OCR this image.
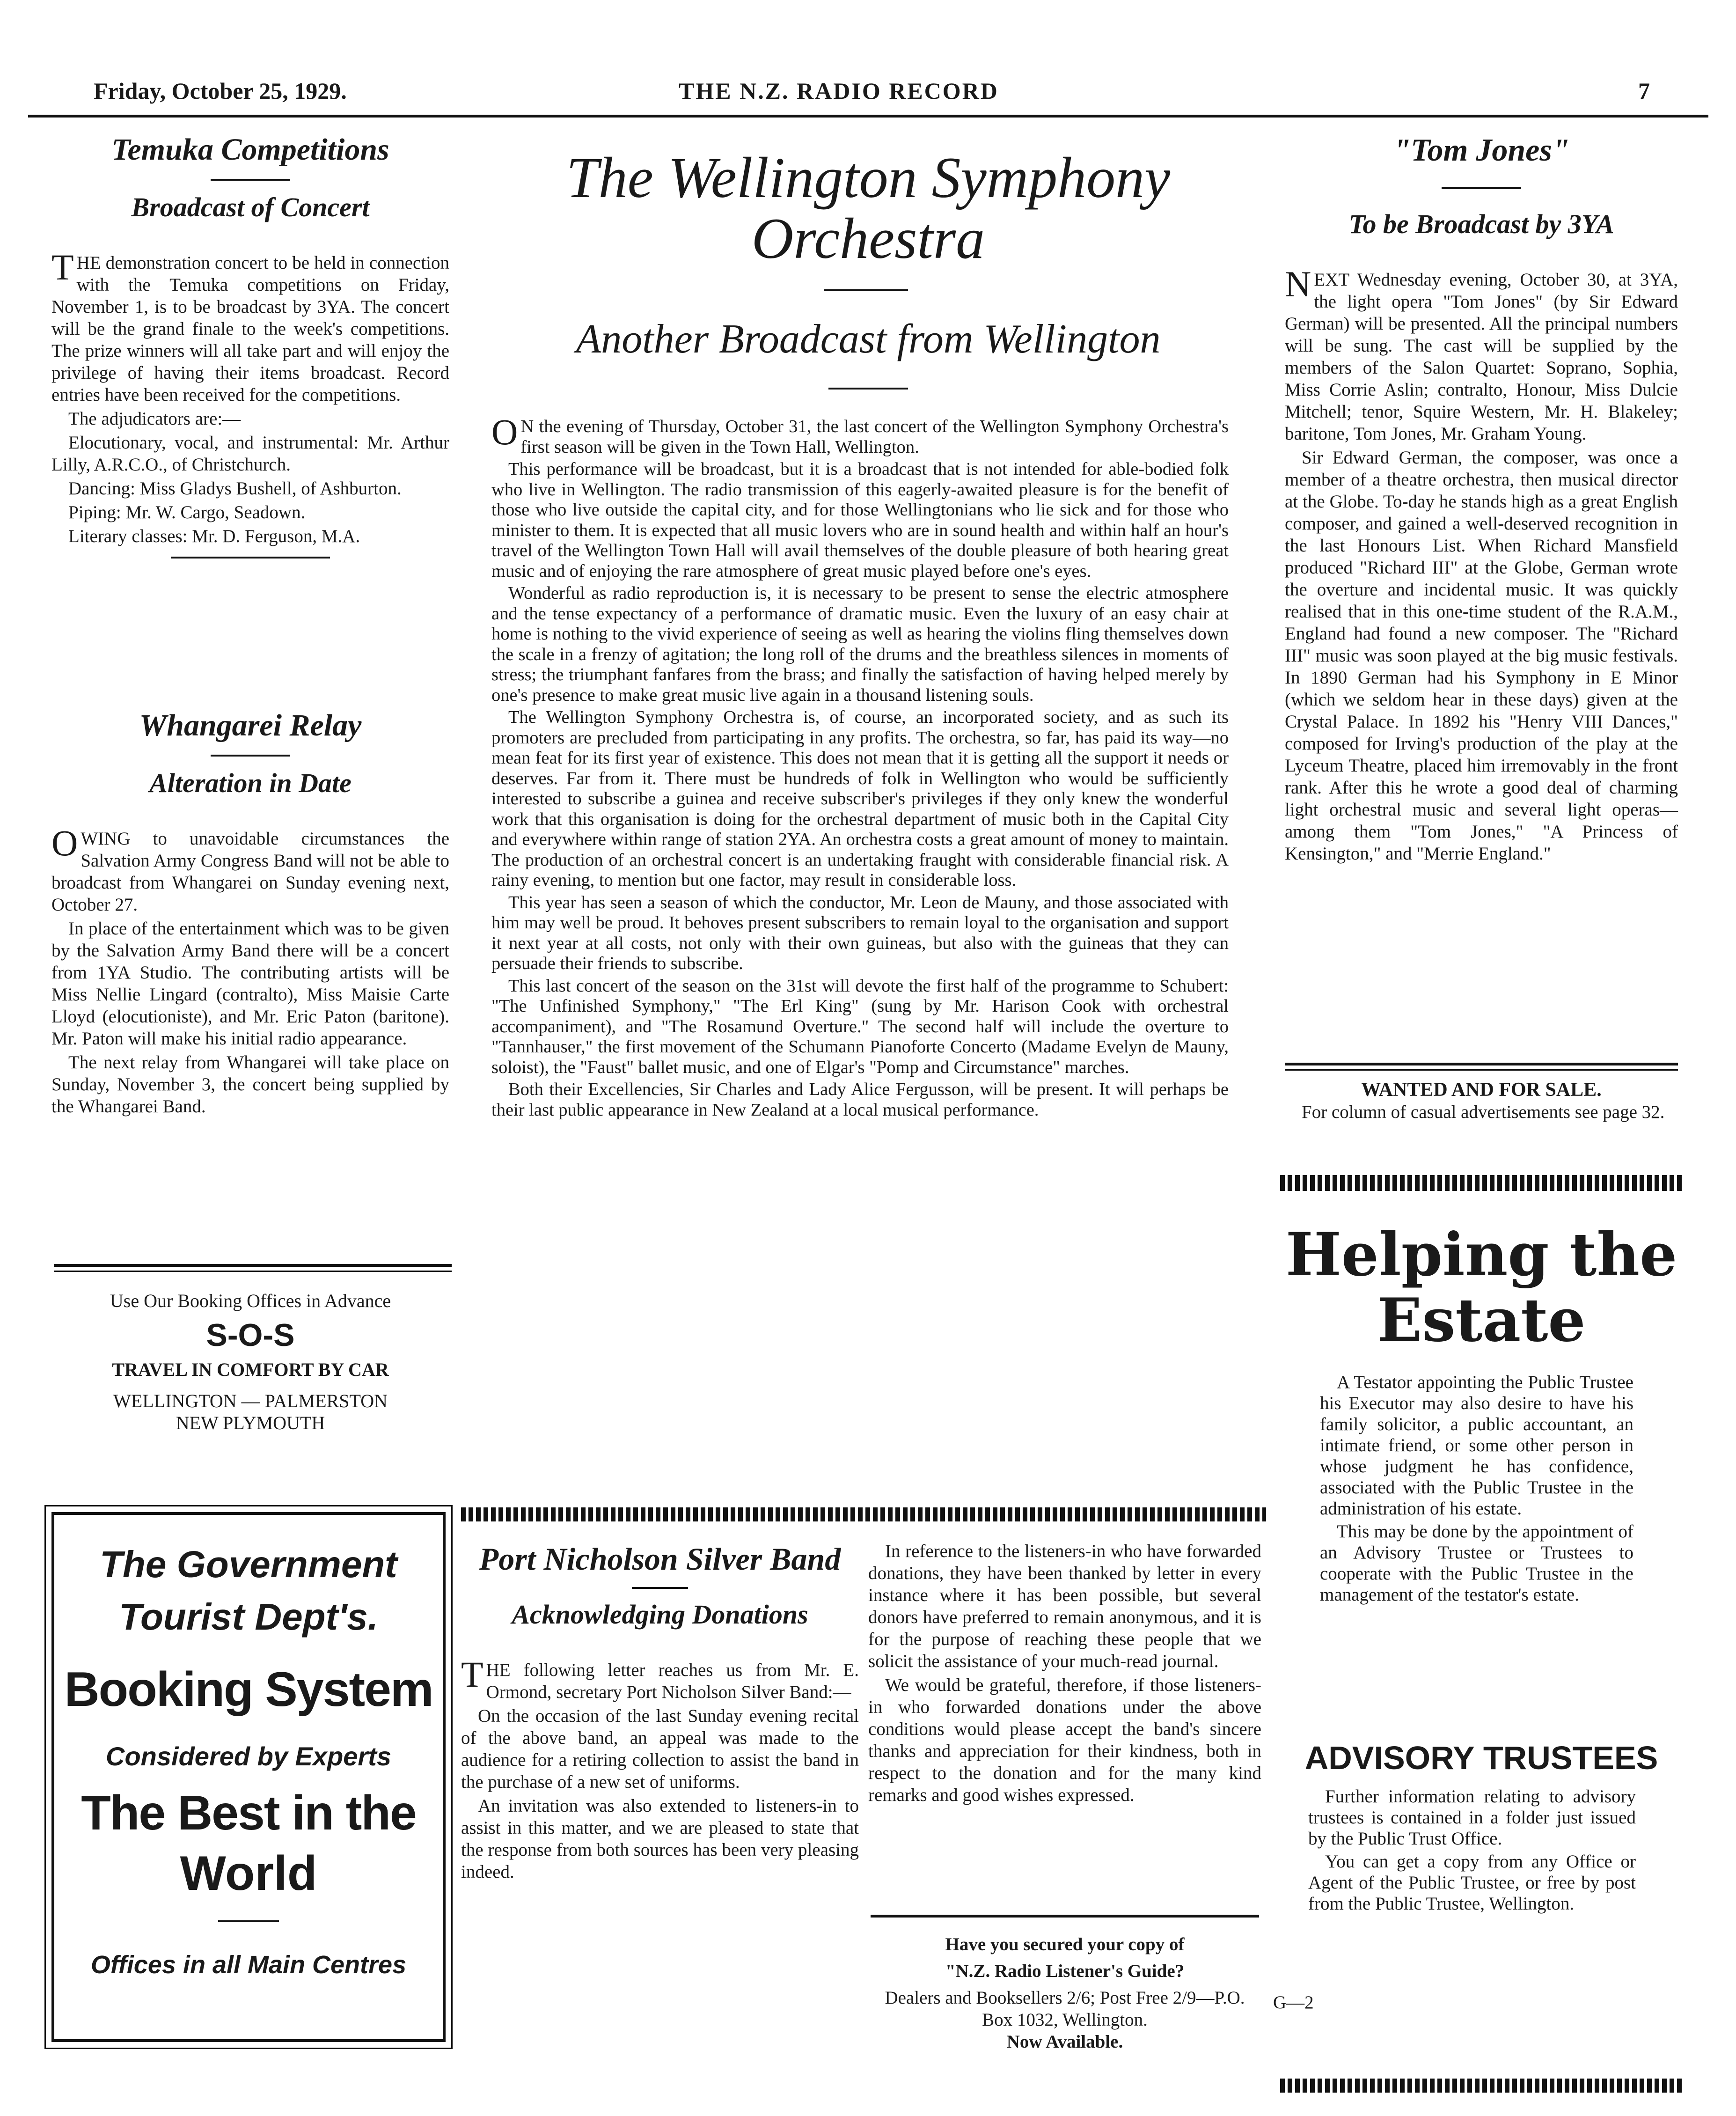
Friday, October 25, 1929.	THE N.Z. RADIO RECORD	7
Temuka Competitions
Broadcast of Concert

THE demonstration concert to be held in connection with the Temuka competitions on Friday, November 1, is to be broadcast by 3YA. The concert will be the grand finale to the week's competitions. The prize winners will all take part and will enjoy the privilege of having their items broadcast. Record entries have been received for the competitions.

The adjudicators are:—

Elocutionary, vocal, and instrumental: Mr. Arthur Lilly, A.R.C.O., of Christchurch.

Dancing: Miss Gladys Bushell, of Ashburton.

Piping: Mr. W. Cargo, Seadown.

Literary classes: Mr. D. Ferguson, M.A.

Whangarei Relay
Alteration in Date

OWING to unavoidable circumstances the Salvation Army Congress Band will not be able to broadcast from Whangarei on Sunday evening next, October 27.

In place of the entertainment which was to be given by the Salvation Army Band there will be a concert from 1YA Studio. The contributing artists will be Miss Nellie Lingard (contralto), Miss Maisie Carte Lloyd (elocutioniste), and Mr. Eric Paton (baritone). Mr. Paton will make his initial radio appearance.

The next relay from Whangarei will take place on Sunday, November 3, the concert being supplied by the Whangarei Band.

Use Our Booking Offices in Advance
S-O-S
TRAVEL IN COMFORT BY CAR
WELLINGTON — PALMERSTON
NEW PLYMOUTH
The Government
Tourist Dept's.
Booking System
Considered by Experts
The Best in the
World
Offices in all Main Centres
The Wellington Symphony
Orchestra
Another Broadcast from Wellington

ON the evening of Thursday, October 31, the last concert of the Wellington Symphony Orchestra's first season will be given in the Town Hall, Wellington.

This performance will be broadcast, but it is a broadcast that is not intended for able-bodied folk who live in Wellington. The radio transmission of this eagerly-awaited pleasure is for the benefit of those who live outside the capital city, and for those Wellingtonians who lie sick and for those who minister to them. It is expected that all music lovers who are in sound health and within half an hour's travel of the Wellington Town Hall will avail themselves of the double pleasure of both hearing great music and of enjoying the rare atmosphere of great music played before one's eyes.

Wonderful as radio reproduction is, it is necessary to be present to sense the electric atmosphere and the tense expectancy of a performance of dramatic music. Even the luxury of an easy chair at home is nothing to the vivid experience of seeing as well as hearing the violins fling themselves down the scale in a frenzy of agitation; the long roll of the drums and the breathless silences in moments of stress; the triumphant fanfares from the brass; and finally the satisfaction of having helped merely by one's presence to make great music live again in a thousand listening souls.

The Wellington Symphony Orchestra is, of course, an incorporated society, and as such its promoters are precluded from participating in any profits. The orchestra, so far, has paid its way—no mean feat for its first year of existence. This does not mean that it is getting all the support it needs or deserves. Far from it. There must be hundreds of folk in Wellington who would be sufficiently interested to subscribe a guinea and receive subscriber's privileges if they only knew the wonderful work that this organisation is doing for the orchestral department of music both in the Capital City and everywhere within range of station 2YA. An orchestra costs a great amount of money to maintain. The production of an orchestral concert is an undertaking fraught with considerable financial risk. A rainy evening, to mention but one factor, may result in considerable loss.

This year has seen a season of which the conductor, Mr. Leon de Mauny, and those associated with him may well be proud. It behoves present subscribers to remain loyal to the organisation and support it next year at all costs, not only with their own guineas, but also with the guineas that they can persuade their friends to subscribe.

This last concert of the season on the 31st will devote the first half of the programme to Schubert: "The Unfinished Symphony," "The Erl King" (sung by Mr. Harison Cook with orchestral accompaniment), and "The Rosamund Overture." The second half will include the overture to "Tannhauser," the first movement of the Schumann Pianoforte Concerto (Madame Evelyn de Mauny, soloist), the "Faust" ballet music, and one of Elgar's "Pomp and Circumstance" marches.

Both their Excellencies, Sir Charles and Lady Alice Fergusson, will be present. It will perhaps be their last public appearance in New Zealand at a local musical performance.

Port Nicholson Silver Band
Acknowledging Donations

THE following letter reaches us from Mr. E. Ormond, secretary Port Nicholson Silver Band:—

On the occasion of the last Sunday evening recital of the above band, an appeal was made to the audience for a retiring collection to assist the band in the purchase of a new set of uniforms.

An invitation was also extended to listeners-in to assist in this matter, and we are pleased to state that the response from both sources has been very pleasing indeed.

In reference to the listeners-in who have forwarded donations, they have been thanked by letter in every instance where it has been possible, but several donors have preferred to remain anonymous, and it is for the purpose of reaching these people that we solicit the assistance of your much-read journal.

We would be grateful, therefore, if those listeners-in who forwarded donations under the above conditions would please accept the band's sincere thanks and appreciation for their kindness, both in respect to the donation and for the many kind remarks and good wishes expressed.

Have you secured your copy of
"N.Z. Radio Listener's Guide?
Dealers and Booksellers 2/6; Post Free 2/9—P.O. Box 1032, Wellington.
Now Available.
"Tom Jones"
To be Broadcast by 3YA

NEXT Wednesday evening, October 30, at 3YA, the light opera "Tom Jones" (by Sir Edward German) will be presented. All the principal numbers will be sung. The cast will be supplied by the members of the Salon Quartet: Soprano, Sophia, Miss Corrie Aslin; contralto, Honour, Miss Dulcie Mitchell; tenor, Squire Western, Mr. H. Blakeley; baritone, Tom Jones, Mr. Graham Young.

Sir Edward German, the composer, was once a member of a theatre orchestra, then musical director at the Globe. To-day he stands high as a great English composer, and gained a well-deserved recognition in the last Honours List. When Richard Mansfield produced "Richard III" at the Globe, German wrote the overture and incidental music. It was quickly realised that in this one-time student of the R.A.M., England had found a new composer. The "Richard III" music was soon played at the big music festivals. In 1890 German had his Symphony in E Minor (which we seldom hear in these days) given at the Crystal Palace. In 1892 his "Henry VIII Dances," composed for Irving's production of the play at the Lyceum Theatre, placed him irremovably in the front rank. After this he wrote a good deal of charming light orchestral music and several light operas—among them "Tom Jones," "A Princess of Kensington," and "Merrie England."

WANTED AND FOR SALE.

For column of casual advertisements see page 32.

Helping the
Estate

A Testator appointing the Public Trustee his Executor may also desire to have his family solicitor, a public accountant, an intimate friend, or some other person in whose judgment he has confidence, associated with the Public Trustee in the administration of his estate.

This may be done by the appointment of an Advisory Trustee or Trustees to cooperate with the Public Trustee in the management of the testator's estate.

ADVISORY TRUSTEES

Further information relating to advisory trustees is contained in a folder just issued by the Public Trust Office.

You can get a copy from any Office or Agent of the Public Trustee, or free by post from the Public Trustee, Wellington.

G—2
